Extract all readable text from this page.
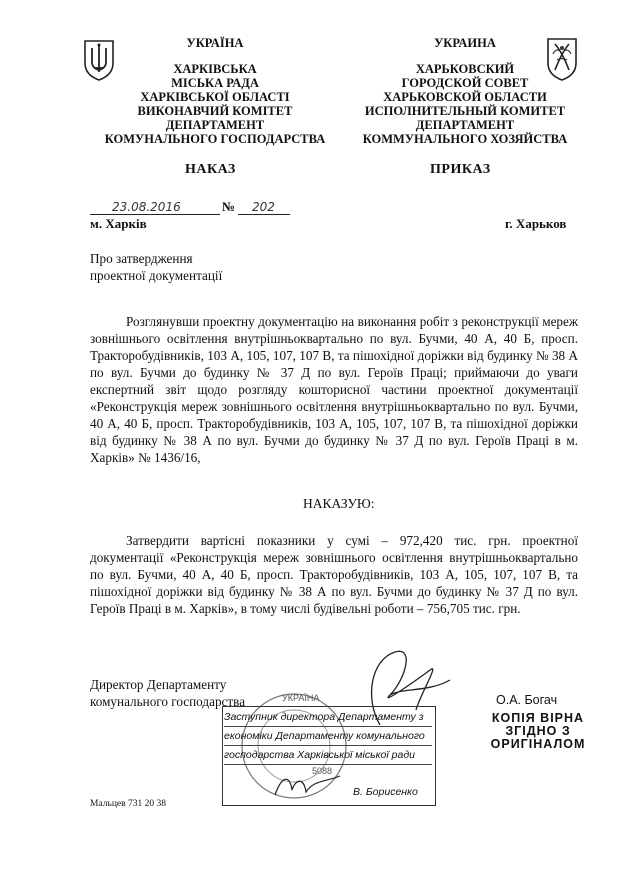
УКРАЇНА
ХАРКІВСЬКА
МІСЬКА РАДА
ХАРКІВСЬКОЇ ОБЛАСТІ
ВИКОНАВЧИЙ КОМІТЕТ
ДЕПАРТАМЕНТ
КОМУНАЛЬНОГО ГОСПОДАРСТВА
УКРАИНА
ХАРЬКОВСКИЙ
ГОРОДСКОЙ СОВЕТ
ХАРЬКОВСКОЙ ОБЛАСТИ
ИСПОЛНИТЕЛЬНЫЙ КОМИТЕТ
ДЕПАРТАМЕНТ
КОММУНАЛЬНОГО ХОЗЯЙСТВА
НАКАЗ	ПРИКАЗ
23.08.2016	№ 202
м. Харків	г. Харьков
Про затвердження
проектної документації

Розглянувши проектну документацію на виконання робіт з реконструкції мереж зовнішнього освітлення внутрішньоквартально по вул. Бучми, 40 А, 40 Б, просп. Тракторобудівників, 103 А, 105, 107, 107 В, та пішохідної доріжки від будинку № 38 А по вул. Бучми до будинку № 37 Д по вул. Героїв Праці; приймаючи до уваги експертний звіт щодо розгляду кошторисної частини проектної документації «Реконструкція мереж зовнішнього освітлення внутрішньоквартально по вул. Бучми, 40 А, 40 Б, просп. Тракторобудівників, 103 А, 105, 107, 107 В, та пішохідної доріжки від будинку № 38 А по вул. Бучми до будинку № 37 Д по вул. Героїв Праці в м. Харків» № 1436/16,

НАКАЗУЮ:

Затвердити вартісні показники у сумі – 972,420 тис. грн. проектної документації «Реконструкція мереж зовнішнього освітлення внутрішньоквартально по вул. Бучми, 40 А, 40 Б, просп. Тракторобудівників, 103 А, 105, 107, 107 В, та пішохідної доріжки від будинку № 38 А по вул. Бучми до будинку № 37 Д по вул. Героїв Праці в м. Харків», в тому числі будівельні роботи – 756,705 тис. грн.

Директор Департаменту
комунального господарства	О.А. Богач
УКРАЇНА
5088
Заступник директора Департаменту з
економіки Департаменту комунального
господарства Харківської міської ради
В. Борисенко
КОПІЯ ВІРНА
ЗГІДНО З
ОРИГІНАЛОМ
Мальцев 731 20 38
